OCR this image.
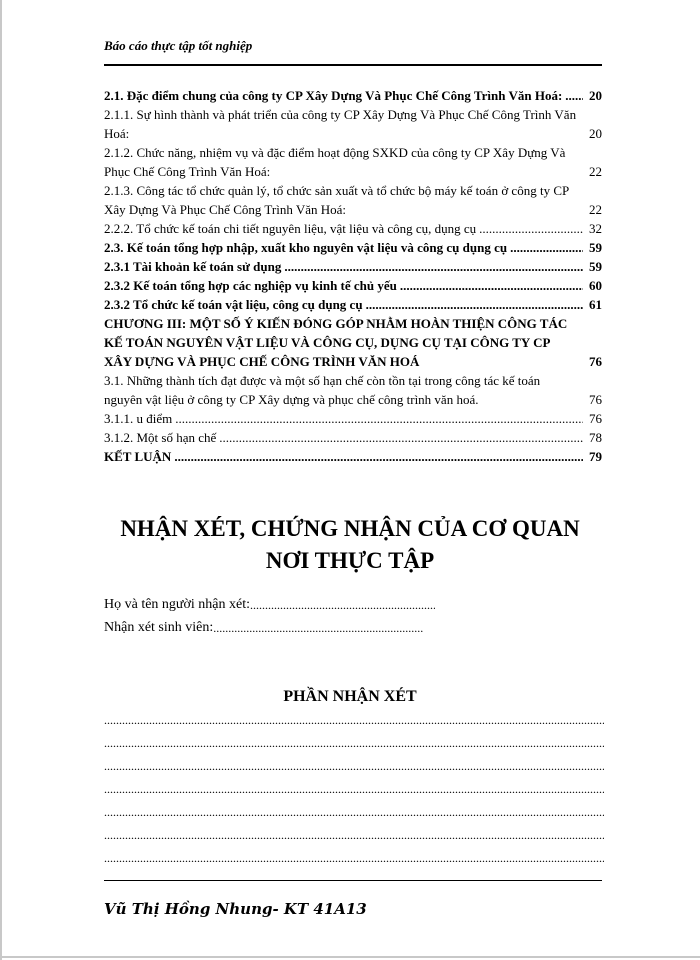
Báo cáo thực tập tốt nghiệp
2.1. Đặc điểm chung của công ty CP Xây Dựng Và Phục Chế Công Trình Văn Hoá: ..... 20
2.1.1. Sự hình thành và phát triển của công ty CP Xây Dựng Và Phục Chế Công Trình Văn Hoá:	20
2.1.2. Chức năng, nhiệm vụ và đặc điểm hoạt động SXKD của công ty CP Xây Dựng Và Phục Chế Công Trình Văn Hoá:	22
2.1.3. Công tác tổ chức quản lý, tổ chức sản xuất và tổ chức bộ máy kế toán ở công ty CP Xây Dựng Và Phục Chế Công Trình Văn Hoá:	22
2.2.2. Tổ chức kế toán chi tiết nguyên liệu, vật liệu và công cụ, dụng cụ .....	32
2.3. Kế toán tổng hợp nhập, xuất kho nguyên vật liệu và công cụ dụng cụ .....	59
2.3.1 Tài khoản kế toán sử dụng .....	59
2.3.2 Kế toán tổng hợp các nghiệp vụ kinh tế chủ yếu .....	60
2.3.2 Tổ chức kế toán vật liệu, công cụ dụng cụ .....	61
CHƯƠNG III: MỘT SỐ Ý KIẾN ĐÓNG GÓP NHẰM HOÀN THIỆN CÔNG TÁC KẾ TOÁN NGUYÊN VẬT LIỆU VÀ CÔNG CỤ, DỤNG CỤ TẠI CÔNG TY CP XÂY DỰNG VÀ PHỤC CHẾ CÔNG TRÌNH VĂN HOÁ	76
3.1. Những thành tích đạt được và một số hạn chế còn tồn tại trong công tác kế toán nguyên vật liệu ở công ty CP Xây dựng và phục chế công trình văn hoá.	76
3.1.1. u điểm .....	76
3.1.2. Một số hạn chế .....	78
KẾT LUẬN .....	79
NHẬN XÉT, CHỨNG NHẬN CỦA CƠ QUAN
NƠI THỰC TẬP
Họ và tên người nhận xét:.....
Nhận xét sinh viên:.....
PHẦN NHẬN XÉT
.....
.....
.....
.....
.....
.....
.....
Vũ Thị Hồng Nhung- KT 41A13
